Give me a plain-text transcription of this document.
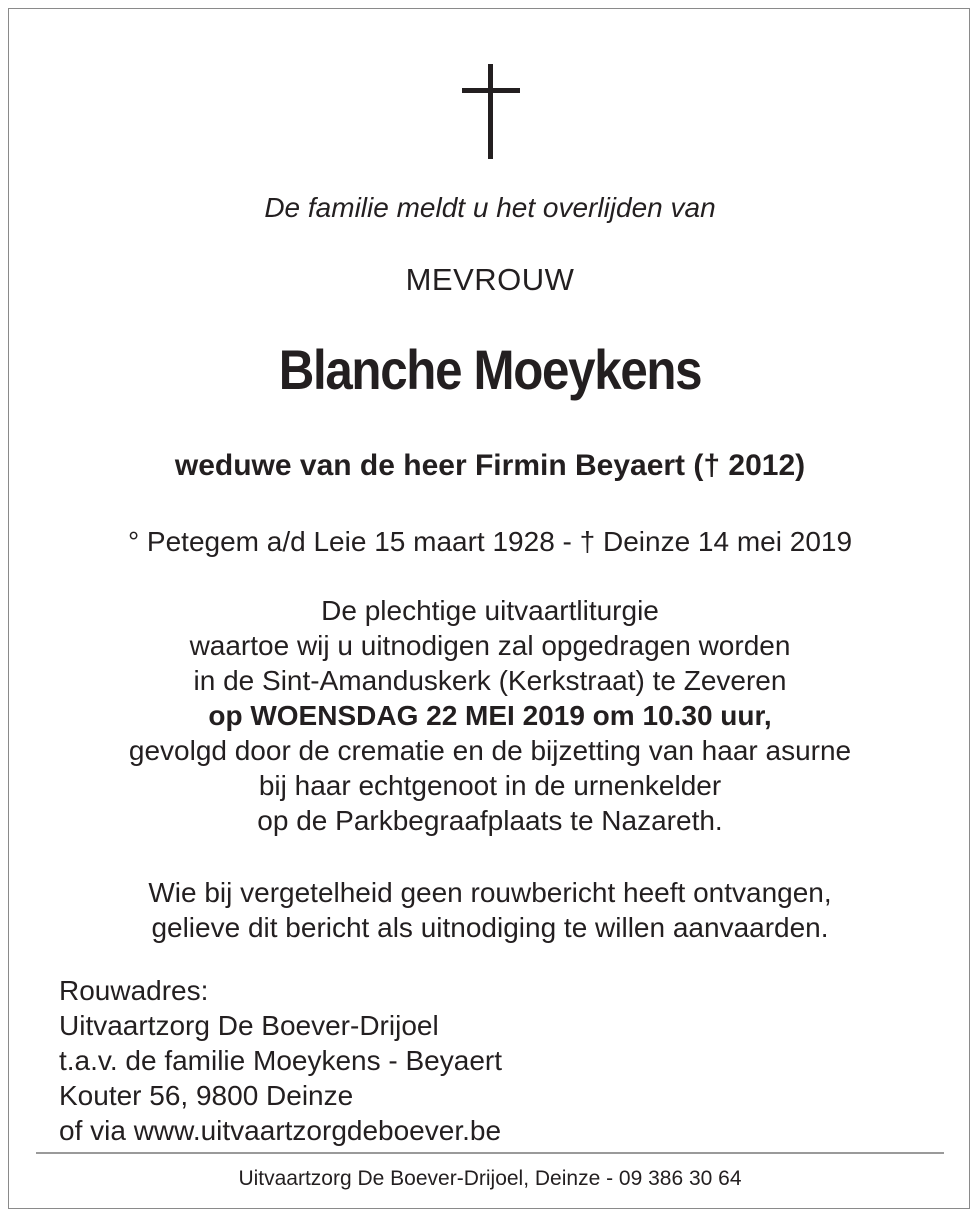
De familie meldt u het overlijden van
MEVROUW
Blanche Moeykens
weduwe van de heer Firmin Beyaert († 2012)
° Petegem a/d Leie 15 maart 1928 - † Deinze 14 mei 2019
De plechtige uitvaartliturgie
waartoe wij u uitnodigen zal opgedragen worden
in de Sint-Amanduskerk (Kerkstraat) te Zeveren
op WOENSDAG 22 MEI 2019 om 10.30 uur,
gevolgd door de crematie en de bijzetting van haar asurne
bij haar echtgenoot in de urnenkelder
op de Parkbegraafplaats te Nazareth.
Wie bij vergetelheid geen rouwbericht heeft ontvangen,
gelieve dit bericht als uitnodiging te willen aanvaarden.
Rouwadres:
Uitvaartzorg De Boever-Drijoel
t.a.v. de familie Moeykens - Beyaert
Kouter 56, 9800 Deinze
of via www.uitvaartzorgdeboever.be
Uitvaartzorg De Boever-Drijoel, Deinze - 09 386 30 64
